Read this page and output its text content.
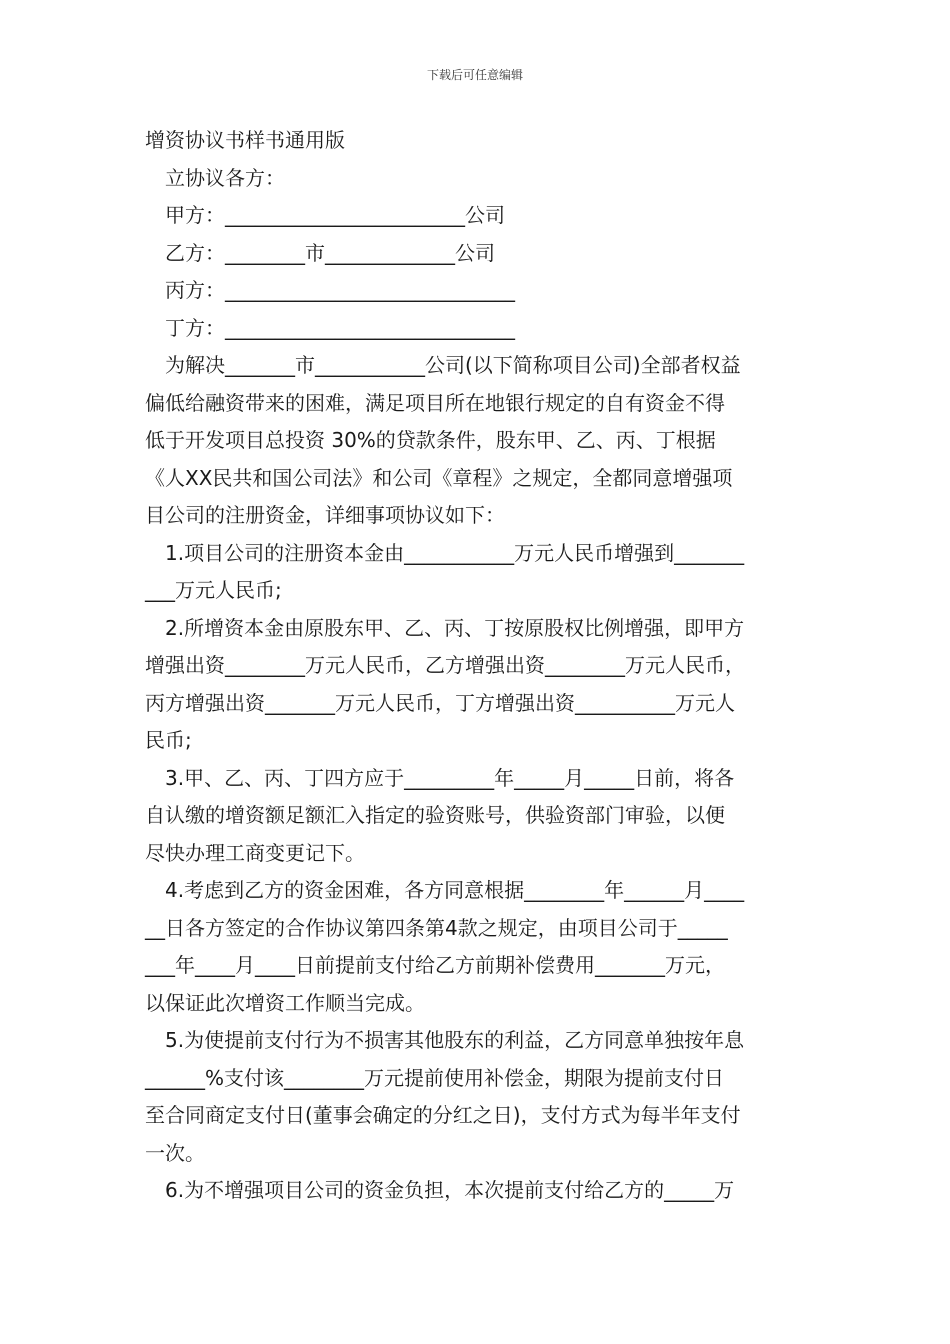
下载后可任意编辑
增资协议书样书通用版
立协议各方：
甲方：________________________公司
乙方：________市_____________公司
丙方：_____________________________
丁方：_____________________________
为解决_______市___________公司(以下简称项目公司)全部者权益
偏低给融资带来的困难，满足项目所在地银行规定的自有资金不得
低于开发项目总投资 30%的贷款条件，股东甲、乙、丙、丁根据
《人XX民共和国公司法》和公司《章程》之规定，全都同意增强项
目公司的注册资金，详细事项协议如下：
1.项目公司的注册资本金由___________万元人民币增强到_______
___万元人民币;
2.所增资本金由原股东甲、乙、丙、丁按原股权比例增强，即甲方
增强出资________万元人民币，乙方增强出资________万元人民币，
丙方增强出资_______万元人民币，丁方增强出资__________万元人
民币;
3.甲、乙、丙、丁四方应于_________年_____月_____日前，将各
自认缴的增资额足额汇入指定的验资账号，供验资部门审验，以便
尽快办理工商变更记下。
4.考虑到乙方的资金困难，各方同意根据________年______月____
__日各方签定的合作协议第四条第4款之规定，由项目公司于_____
___年____月____日前提前支付给乙方前期补偿费用_______万元，
以保证此次增资工作顺当完成。
5.为使提前支付行为不损害其他股东的利益，乙方同意单独按年息
______%支付该________万元提前使用补偿金，期限为提前支付日
至合同商定支付日(董事会确定的分红之日)，支付方式为每半年支付
一次。
6.为不增强项目公司的资金负担，本次提前支付给乙方的_____万
